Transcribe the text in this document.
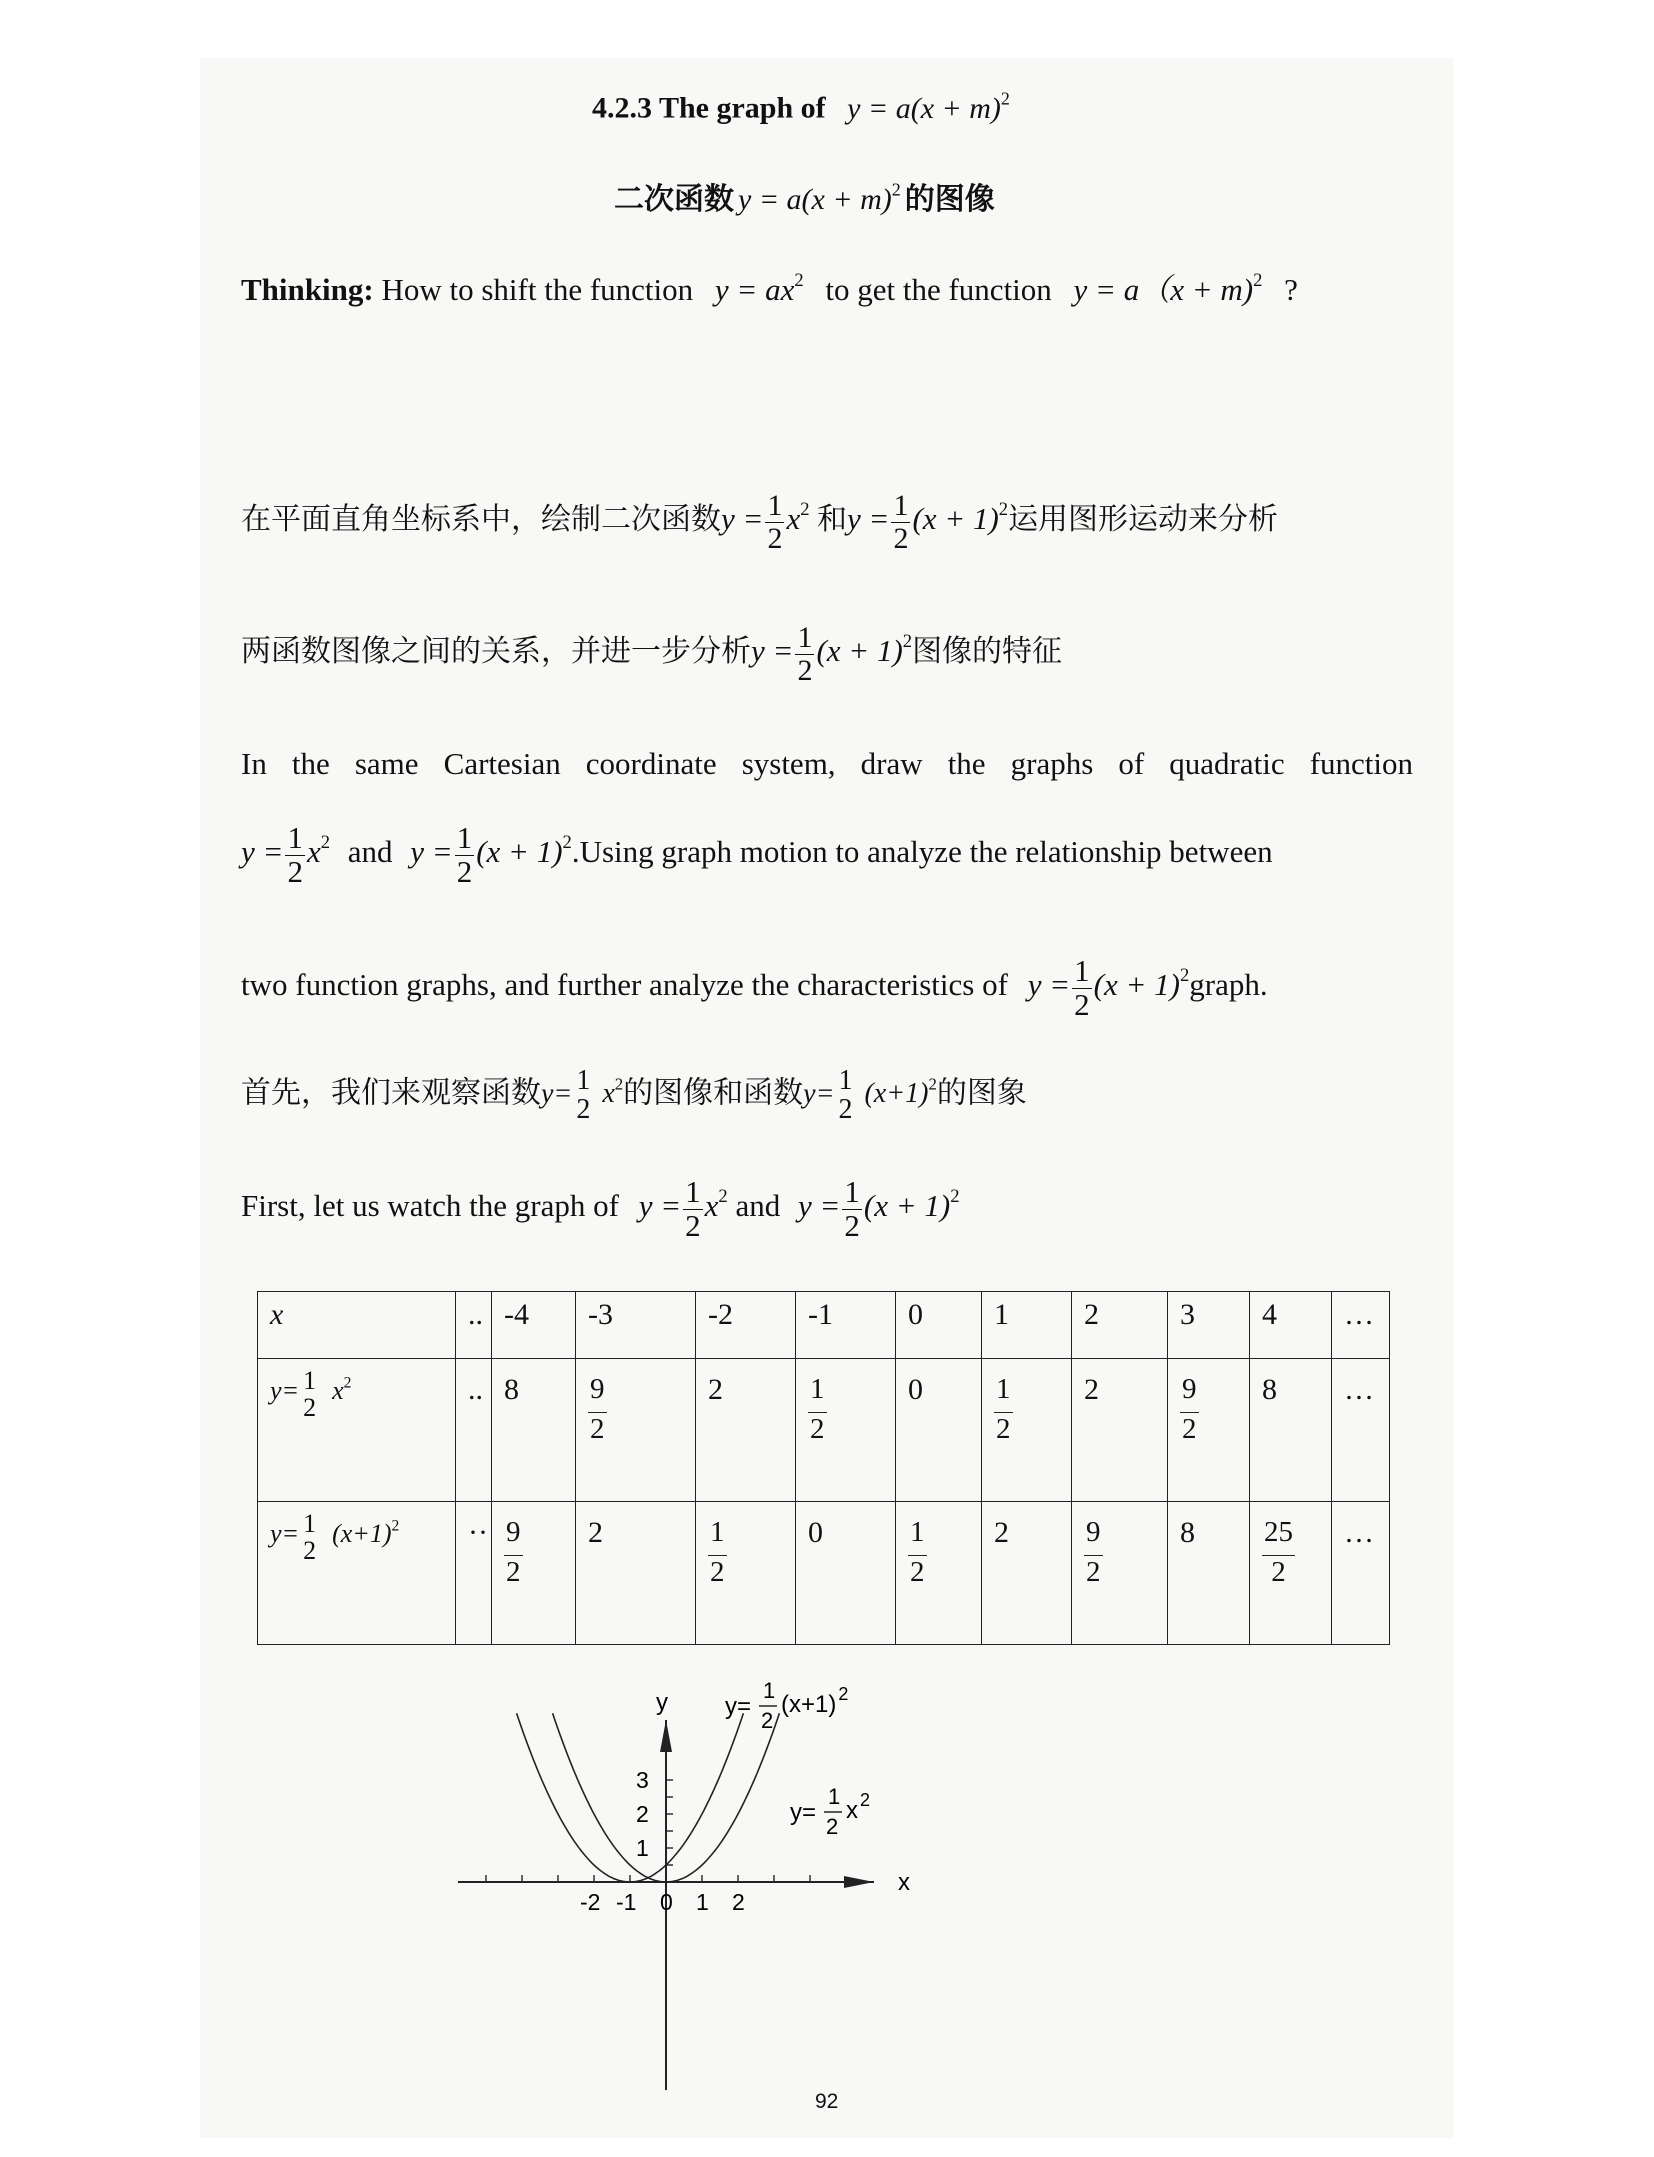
4.2.3 The graph of $y = a(x + m)^2$
二次函数 $y = a(x + m)^2$ 的图像
Thinking: How to shift the function $y = ax^2$ to get the function y = a（x + m)$^2$ ?
在平面直角坐标系中，绘制二次函数$y = \frac{1}{2} x^2$ 和$y = \frac{1}{2} (x + 1)^2$运用图形运动来分析
两函数图像之间的关系，并进一步分析$y = \frac{1}{2} (x + 1)^2$图像的特征
In the same Cartesian coordinate system, draw the graphs of quadratic function
$y = \frac{1}{2} x^2$ and $y = \frac{1}{2} (x + 1)^2.Using$ graph motion to analyze the relationship between
two function graphs, and further analyze the characteristics of $y = \frac{1}{2} (x$ + $1)^2graph$.
首先，我们来观察函数y= 1
2
$x^2$的图像和函数y= 1
2
$(x+1)^2$的图象
First, let us watch the graph of $y = \frac{1}{2} x^2$ and $y = \frac{1}{2} (x + 1)^2$
x	..	-4	-3	-2	-1	0	1	2	3	4	…
y= 1
2
$x^2$	..	8	$\frac{9}{2}$	2	$\frac{1}{2}$	0	$\frac{1}{2}$	2	$\frac{9}{2}$	8	…
y= 1
2
$(x+1)^2$	··	$\frac{9}{2}$	2	$\frac{1}{2}$	0	$\frac{1}{2}$	2	$\frac{9}{2}$	8	$\frac{25}{2}$	…
x
y
-2 -1 0 1 2
1
2
3
y=
1
2
(x+1) 2
y=
1
2
x 2
92
